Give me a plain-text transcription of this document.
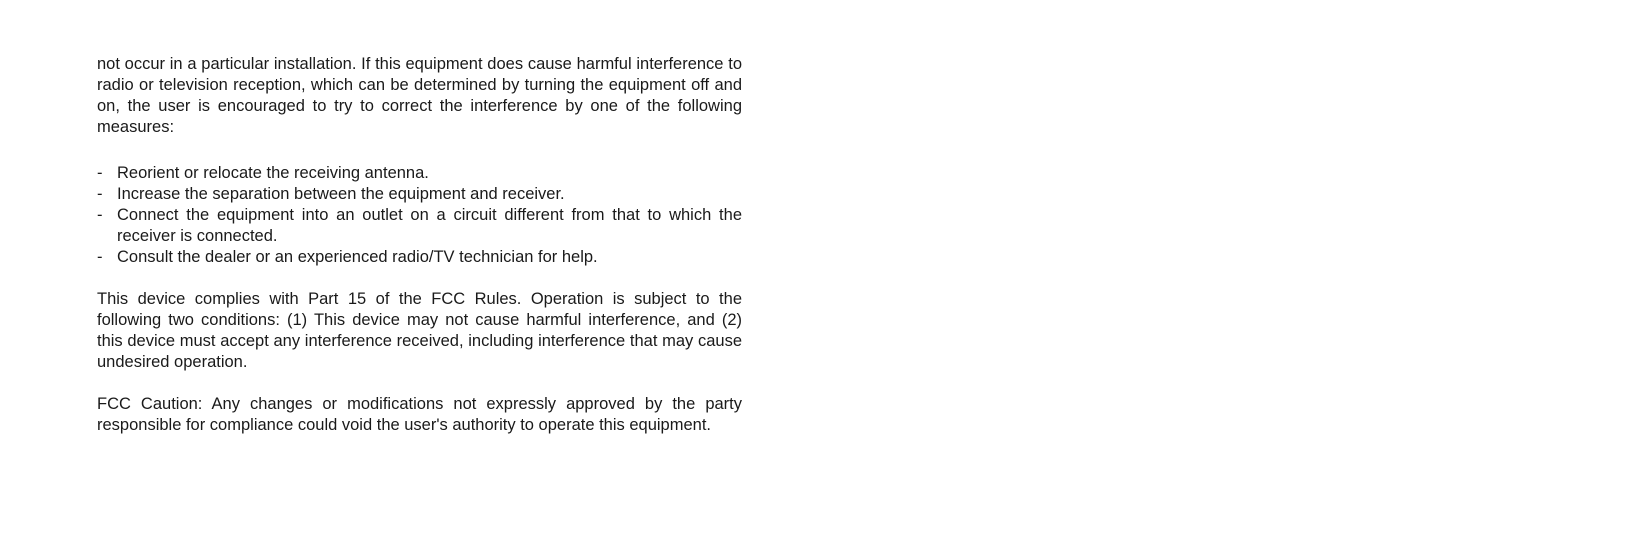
not occur in a particular installation. If this equipment does cause harmful interference to radio or television reception, which can be determined by turning the equipment off and on, the user is encouraged to try to correct the interference by one of the following measures:

- Reorient or relocate the receiving antenna.
- Increase the separation between the equipment and receiver.
- Connect the equipment into an outlet on a circuit different from that to which the receiver is connected.
- Consult the dealer or an experienced radio/TV technician for help.

This device complies with Part 15 of the FCC Rules. Operation is subject to the following two conditions: (1) This device may not cause harmful interference, and (2) this device must accept any interference received, including interference that may cause undesired operation.

FCC Caution: Any changes or modifications not expressly approved by the party responsible for compliance could void the user's authority to operate this equipment.
